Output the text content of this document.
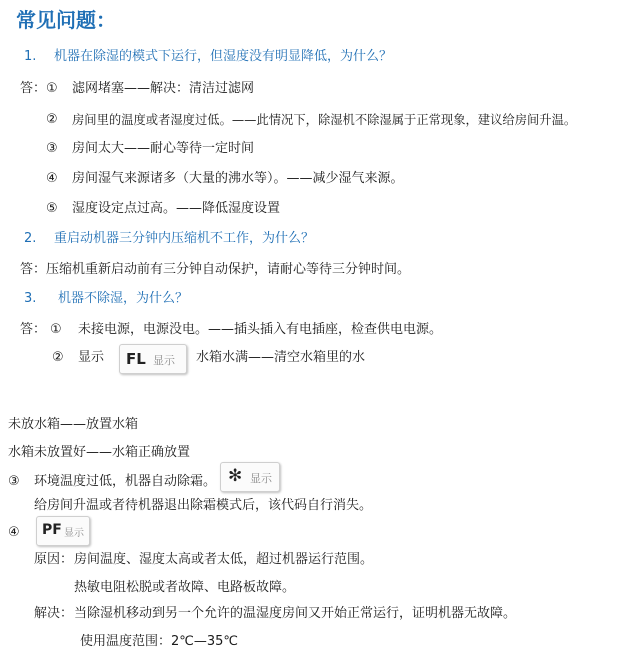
常见问题：
1. 机器在除湿的模式下运行，但湿度没有明显降低，为什么？
答： ① 滤网堵塞——解决：清洁过滤网
② 房间里的温度或者湿度过低。——此情况下，除湿机不除湿属于正常现象，建议给房间升温。
③ 房间太大——耐心等待一定时间
④ 房间湿气来源诸多（大量的沸水等）。——减少湿气来源。
⑤ 湿度设定点过高。——降低湿度设置
2. 重启动机器三分钟内压缩机不工作，为什么？
答：压缩机重新启动前有三分钟自动保护，请耐心等待三分钟时间。
3. 机器不除湿，为什么？
答： ① 未接电源，电源没电。——插头插入有电插座，检查供电电源。
② 显示 FL 显示 水箱水满——清空水箱里的水
未放水箱——放置水箱
水箱未放置好——水箱正确放置
③ 环境温度过低，机器自动除霜。 ✻ 显示
给房间升温或者待机器退出除霜模式后，该代码自行消失。
④ PF 显示
原因： 房间温度、湿度太高或者太低，超过机器运行范围。
热敏电阻松脱或者故障、电路板故障。
解决： 当除湿机移动到另一个允许的温湿度房间又开始正常运行，证明机器无故障。
使用温度范围：2℃—35℃
